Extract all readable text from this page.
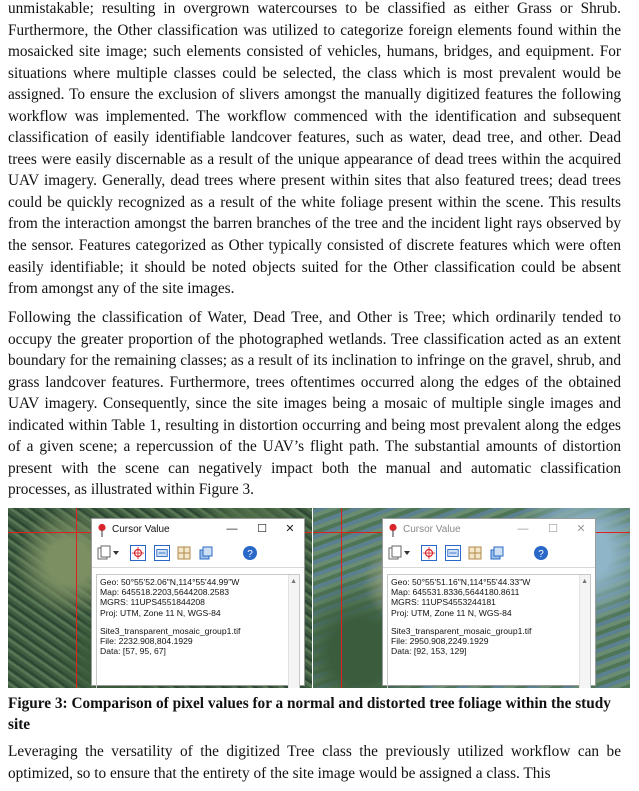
unmistakable; resulting in overgrown watercourses to be classified as either Grass or Shrub. Furthermore, the Other classification was utilized to categorize foreign elements found within the mosaicked site image; such elements consisted of vehicles, humans, bridges, and equipment. For situations where multiple classes could be selected, the class which is most prevalent would be assigned. To ensure the exclusion of slivers amongst the manually digitized features the following workflow was implemented. The workflow commenced with the identification and subsequent classification of easily identifiable landcover features, such as water, dead tree, and other. Dead trees were easily discernable as a result of the unique appearance of dead trees within the acquired UAV imagery. Generally, dead trees where present within sites that also featured trees; dead trees could be quickly recognized as a result of the white foliage present within the scene. This results from the interaction amongst the barren branches of the tree and the incident light rays observed by the sensor. Features categorized as Other typically consisted of discrete features which were often easily identifiable; it should be noted objects suited for the Other classification could be absent from amongst any of the site images.

Cursor Value	— ☐	✕
?
Geo: 50°55'52.06"N,114°55'44.99"W
Map: 645518.2203,5644208.2583
MGRS: 11UPS4551844208
Proj: UTM, Zone 11 N, WGS-84
Site3_transparent_mosaic_group1.tif
File: 2232.908,804.1929
Data: [57, 95, 67]
▲
Cursor Value	— ☐	✕
?
Geo: 50°55'51.16"N,114°55'44.33"W
Map: 645531.8336,5644180.8611
MGRS: 11UPS4553244181
Proj: UTM, Zone 11 N, WGS-84
Site3_transparent_mosaic_group1.tif
File: 2950.908,2249.1929
Data: [92, 153, 129]
▲

Figure 3: Comparison of pixel values for a normal and distorted tree foliage within the study site

Following the classification of Water, Dead Tree, and Other is Tree; which ordinarily tended to occupy the greater proportion of the photographed wetlands. Tree classification acted as an extent boundary for the remaining classes; as a result of its inclination to infringe on the gravel, shrub, and grass landcover features. Furthermore, trees oftentimes occurred along the edges of the obtained UAV imagery. Consequently, since the site images being a mosaic of multiple single images and indicated within Table 1, resulting in distortion occurring and being most prevalent along the edges of a given scene; a repercussion of the UAV’s flight path. The substantial amounts of distortion present with the scene can negatively impact both the manual and automatic classification processes, as illustrated within Figure 3.

Leveraging the versatility of the digitized Tree class the previously utilized workflow can be optimized, so to ensure that the entirety of the site image would be assigned a class. This
